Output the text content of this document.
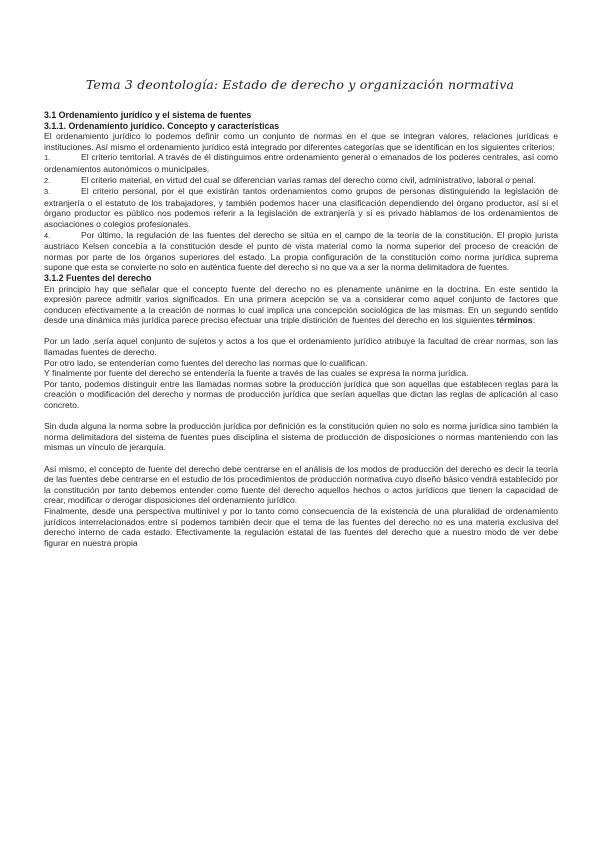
Tema 3 deontología: Estado de derecho y organización normativa

3.1 Ordenamiento jurídico y el sistema de fuentes

3.1.1. Ordenamiento jurídico. Concepto y características

El ordenamiento jurídico lo podemos definir como un conjunto de normas en el que se integran valores, relaciones jurídicas e instituciones. Así mismo el ordenamiento jurídico está integrado por diferentes categorías que se identifican en los siguientes criterios:

1.	El criterio territorial. A través de él distinguimos entre ordenamiento general o emanados de los poderes centrales, así como ordenamientos autonómicos o municipales.
2.	El criterio material, en virtud del cual se diferencian varias ramas del derecho como civil, administrativo, laboral o penal.
3.	El criterio personal, por el que existirán tantos ordenamientos como grupos de personas distinguiendo la legislación de extranjería o el estatuto de los trabajadores, y también podemos hacer una clasificación dependiendo del órgano productor, así si el órgano productor es público nos podemos referir a la legislación de extranjería y si es privado hablamos de los ordenamientos de asociaciones o colegios profesionales.
4.	Por último, la regulación de las fuentes del derecho se sitúa en el campo de la teoría de la constitución. El propio jurista austriaco Kelsen concebía a la constitución desde el punto de vista material como la norma superior del proceso de creación de normas por parte de los órganos superiores del estado. La propia configuración de la constitución como norma jurídica suprema supone que esta se convierte no solo en auténtica fuente del derecho si no que va a ser la norma delimitadora de fuentes.

3.1.2 Fuentes del derecho

En principio hay que señalar que el concepto fuente del derecho no es plenamente unánime en la doctrina. En este sentido la expresión parece admitir varios significados. En una primera acepción se va a considerar como aquel conjunto de factores que conducen efectivamente a la creación de normas lo cual implica una concepción sociológica de las mismas. En un segundo sentido desde una dinámica más jurídica parece preciso efectuar una triple distinción de fuentes del derecho en los siguientes términos:

Por un lado ,sería aquel conjunto de sujetos y actos a los que el ordenamiento jurídico atribuye la facultad de crear normas, son las llamadas fuentes de derecho.

Por otro lado, se entenderían como fuentes del derecho las normas que lo cualifican.

Y finalmente por fuente del derecho se entendería la fuente a través de las cuales se expresa la norma jurídica.

Por tanto, podemos distinguir entre las llamadas normas sobre la producción jurídica que son aquellas que establecen reglas para la creación o modificación del derecho y normas de producción jurídica que serían aquellas que dictan las reglas de aplicación al caso concreto.

Sin duda alguna la norma sobre la producción jurídica por definición es la constitución quien no solo es norma jurídica sino también la norma delimitadora del sistema de fuentes pues disciplina el sistema de producción de disposiciones o normas manteniendo con las mismas un vínculo de jerarquía.

Así mismo, el concepto de fuente del derecho debe centrarse en el análisis de los modos de producción del derecho es decir la teoría de las fuentes debe centrarse en el estudio de los procedimientos de producción normativa cuyo diseño básico vendrá establecido por la constitución por tanto debemos entender como fuente del derecho aquellos hechos o actos jurídicos que tienen la capacidad de crear, modificar o derogar disposiciones del ordenamiento jurídico.

Finalmente, desde una perspectiva multinivel y por lo tanto como consecuencia de la existencia de una pluralidad de ordenamiento jurídicos interrelacionados entre sí podemos también decir que el tema de las fuentes del derecho no es una materia exclusiva del derecho interno de cada estado. Efectivamente la regulación estatal de las fuentes del derecho que a nuestro modo de ver debe figurar en nuestra propia
